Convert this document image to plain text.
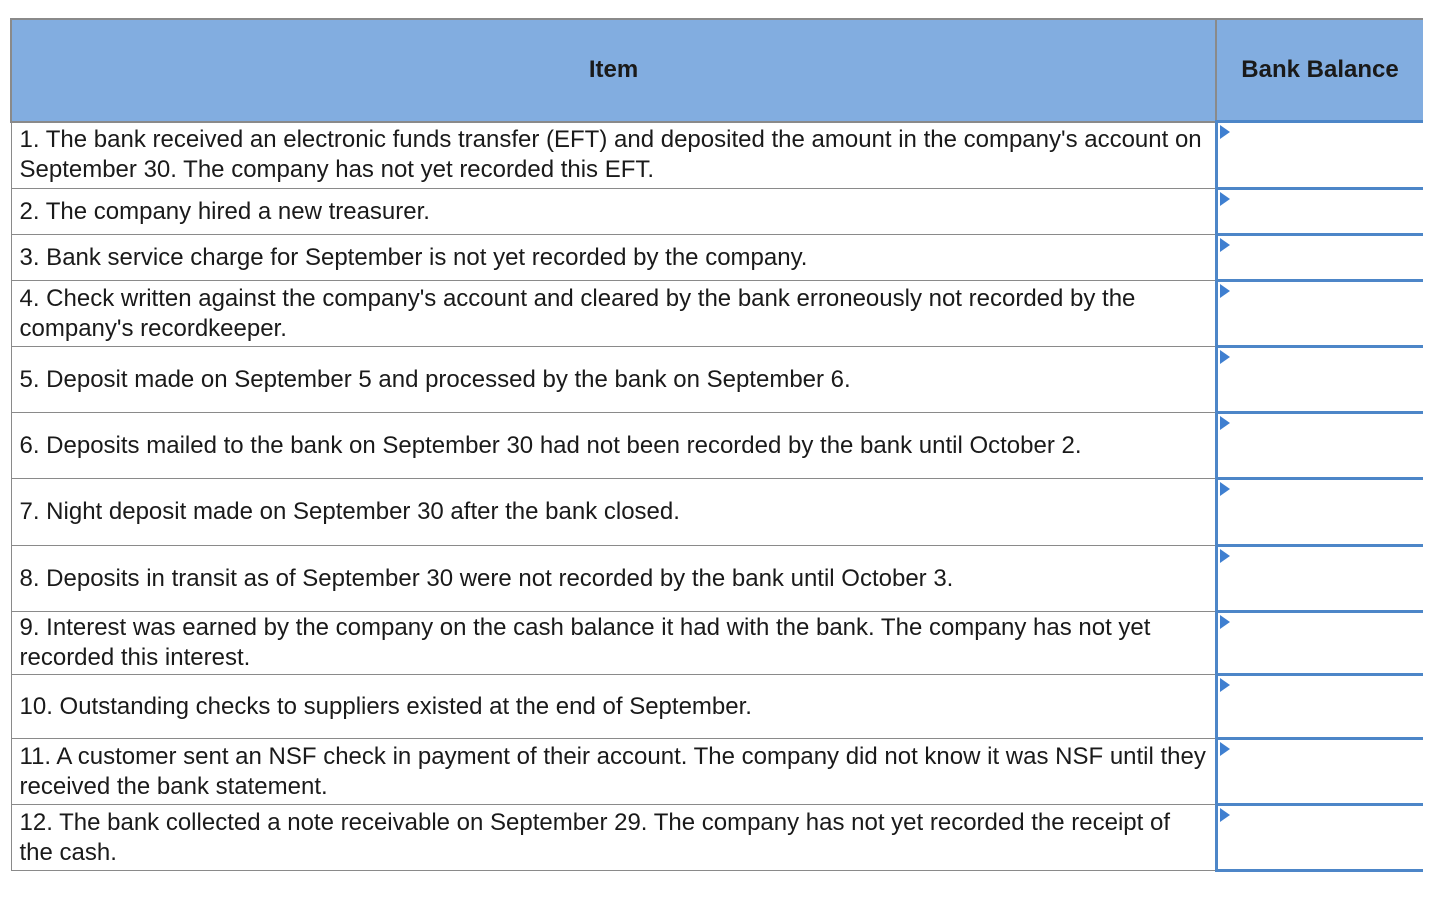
Item	Bank Balance
1. The bank received an electronic funds transfer (EFT) and deposited the amount in the company's account on September 30. The company has not yet recorded this EFT.	

2. The company hired a new treasurer.	

3. Bank service charge for September is not yet recorded by the company.	

4. Check written against the company's account and cleared by the bank erroneously not recorded by the company's recordkeeper.	

5. Deposit made on September 5 and processed by the bank on September 6.	

6. Deposits mailed to the bank on September 30 had not been recorded by the bank until October 2.	

7. Night deposit made on September 30 after the bank closed.	

8. Deposits in transit as of September 30 were not recorded by the bank until October 3.	

9. Interest was earned by the company on the cash balance it had with the bank. The company has not yet recorded this interest.	

10. Outstanding checks to suppliers existed at the end of September.	

11. A customer sent an NSF check in payment of their account. The company did not know it was NSF until they received the bank statement.	

12. The bank collected a note receivable on September 29. The company has not yet recorded the receipt of the cash.	
